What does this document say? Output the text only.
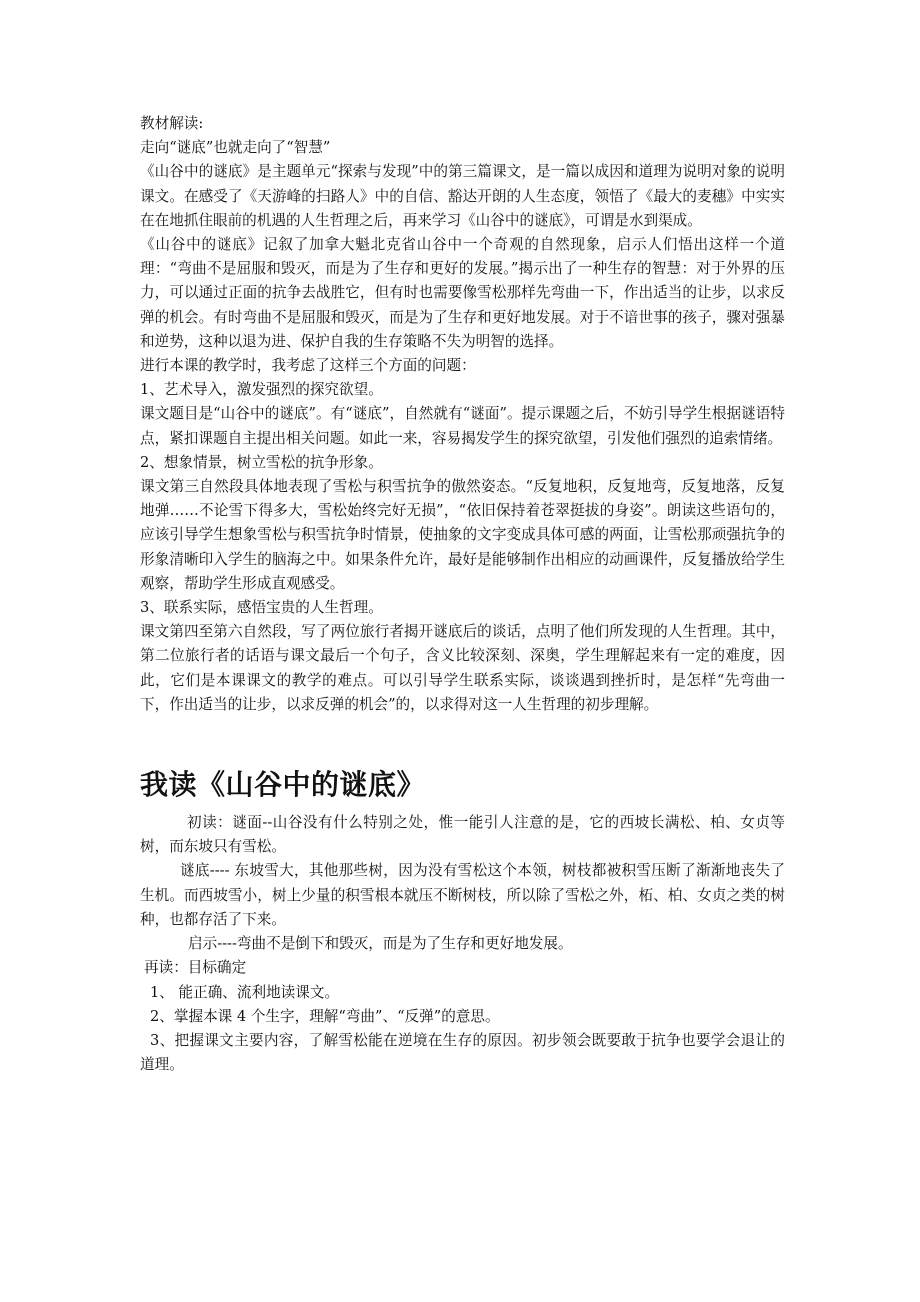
教材解读:

走向“谜底”也就走向了“智慧”

《山谷中的谜底》是主题单元“探索与发现”中的第三篇课文，是一篇以成因和道理为说明对象的说明课文。在感受了《天游峰的扫路人》中的自信、豁达开朗的人生态度，领悟了《最大的麦穗》中实实在在地抓住眼前的机遇的人生哲理之后，再来学习《山谷中的谜底》，可谓是水到渠成。

《山谷中的谜底》记叙了加拿大魁北克省山谷中一个奇观的自然现象，启示人们悟出这样一个道理：“弯曲不是屈服和毁灭，而是为了生存和更好的发展。”揭示出了一种生存的智慧：对于外界的压力，可以通过正面的抗争去战胜它，但有时也需要像雪松那样先弯曲一下，作出适当的让步，以求反弹的机会。有时弯曲不是屈服和毁灭，而是为了生存和更好地发展。对于不谙世事的孩子，骤对强暴和逆势，这种以退为进、保护自我的生存策略不失为明智的选择。

进行本课的教学时，我考虑了这样三个方面的问题：

1、艺术导入，激发强烈的探究欲望。

课文题目是“山谷中的谜底”。有“谜底”，自然就有“谜面”。提示课题之后，不妨引导学生根据谜语特点，紧扣课题自主提出相关问题。如此一来，容易揭发学生的探究欲望，引发他们强烈的追索情绪。

2、想象情景，树立雪松的抗争形象。

课文第三自然段具体地表现了雪松与积雪抗争的傲然姿态。“反复地积，反复地弯，反复地落，反复地弹……不论雪下得多大，雪松始终完好无损”，“依旧保持着苍翠挺拔的身姿”。朗读这些语句的，应该引导学生想象雪松与积雪抗争时情景，使抽象的文字变成具体可感的两面，让雪松那顽强抗争的形象清晰印入学生的脑海之中。如果条件允许，最好是能够制作出相应的动画课件，反复播放给学生观察，帮助学生形成直观感受。

3、联系实际，感悟宝贵的人生哲理。

课文第四至第六自然段，写了两位旅行者揭开谜底后的谈话，点明了他们所发现的人生哲理。其中，第二位旅行者的话语与课文最后一个句子，含义比较深刻、深奥，学生理解起来有一定的难度，因此，它们是本课课文的教学的难点。可以引导学生联系实际，谈谈遇到挫折时，是怎样“先弯曲一下，作出适当的让步，以求反弹的机会”的，以求得对这一人生哲理的初步理解。

我读《山谷中的谜底》

初读：谜面--山谷没有什么特别之处，惟一能引人注意的是，它的西坡长满松、柏、女贞等树，而东坡只有雪松。

谜底---- 东坡雪大，其他那些树，因为没有雪松这个本领，树枝都被积雪压断了渐渐地丧失了生机。而西坡雪小，树上少量的积雪根本就压不断树枝，所以除了雪松之外，柘、柏、女贞之类的树种，也都存活了下来。

启示----弯曲不是倒下和毁灭，而是为了生存和更好地发展。

再读：目标确定

1、 能正确、流利地读课文。

2、掌握本课 4 个生字，理解“弯曲”、“反弹”的意思。

3、把握课文主要内容，了解雪松能在逆境在生存的原因。初步领会既要敢于抗争也要学会退让的道理。
